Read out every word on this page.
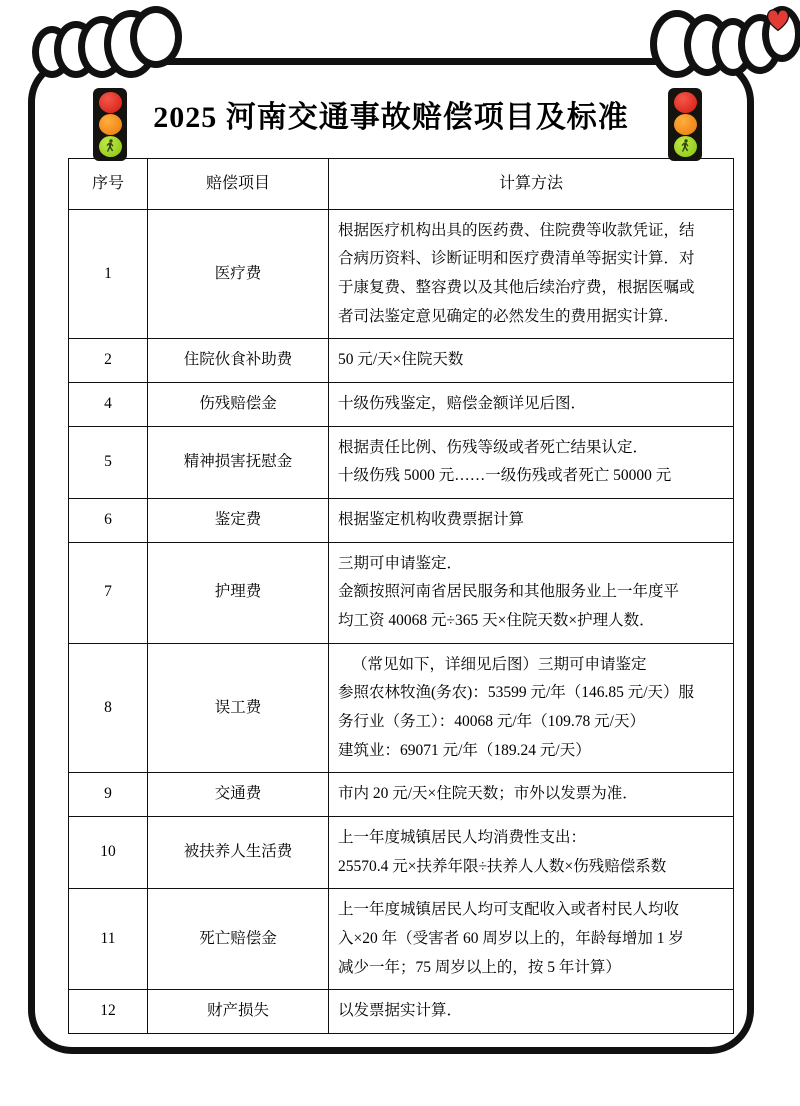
2025 河南交通事故赔偿项目及标准
序号	赔偿项目	计算方法
1	医疗费	根据医疗机构出具的医药费、住院费等收款凭证，结
合病历资料、诊断证明和医疗费清单等据实计算．对
于康复费、整容费以及其他后续治疗费，根据医嘱或
者司法鉴定意见确定的必然发生的费用据实计算．

2	住院伙食补助费	50 元/天×住院天数

4	伤残赔偿金	十级伤残鉴定，赔偿金额详见后图．

5	精神损害抚慰金	根据责任比例、伤残等级或者死亡结果认定．
十级伤残 5000 元……一级伤残或者死亡 50000 元

6	鉴定费	根据鉴定机构收费票据计算

7	护理费	三期可申请鉴定．
金额按照河南省居民服务和其他服务业上一年度平
均工资 40068 元÷365 天×住院天数×护理人数．

8	误工费	（常见如下，详细见后图）三期可申请鉴定
参照农林牧渔(务农)：53599 元/年（146.85 元/天）服
务行业（务工）：40068 元/年（109.78 元/天）
建筑业：69071 元/年（189.24 元/天）

9	交通费	市内 20 元/天×住院天数；市外以发票为准．

10	被扶养人生活费	上一年度城镇居民人均消费性支出：
25570.4 元×扶养年限÷扶养人人数×伤残赔偿系数

11	死亡赔偿金	上一年度城镇居民人均可支配收入或者村民人均收
入×20 年（受害者 60 周岁以上的，年龄每增加 1 岁
减少一年；75 周岁以上的，按 5 年计算）

12	财产损失	以发票据实计算．
